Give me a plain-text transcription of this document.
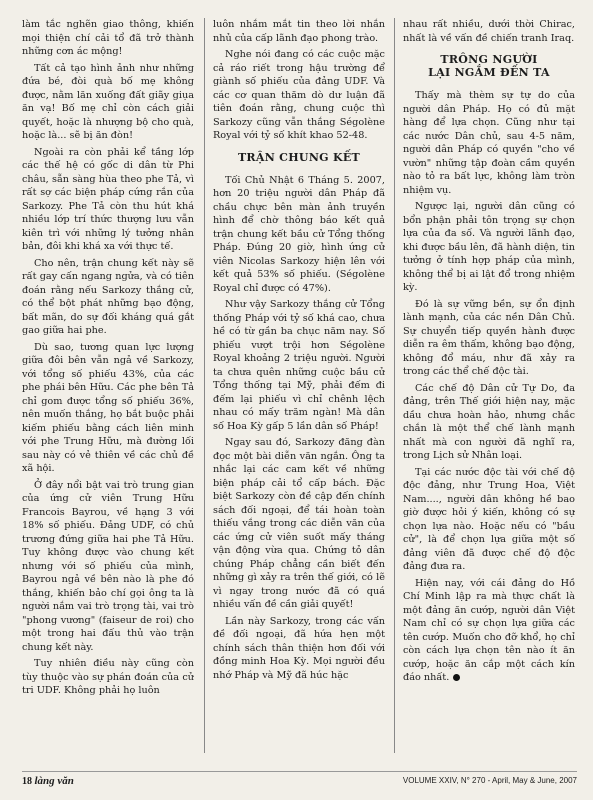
làm tắc nghẽn giao thông, khiến mọi thiện chí cải tổ đã trở thành những cơn ác mộng!

Tất cả tạo hình ảnh như những đứa bé, đòi quà bố mẹ không được, nằm lăn xuống đất giãy giụa ăn vạ! Bố mẹ chỉ còn cách giải quyết, hoặc là nhượng bộ cho quà, hoặc là... sẽ bị ăn đòn!

Ngoài ra còn phải kể tầng lớp các thế hệ có gốc di dân từ Phi châu, sẵn sàng hùa theo phe Tả, vì rất sợ các biện pháp cứng rắn của Sarkozy. Phe Tả còn thu hút khá nhiều lớp trí thức thượng lưu vẫn kiên trì với những lý tưởng nhân bản, đôi khi khá xa với thực tế.

Cho nên, trận chung kết này sẽ rất gay cấn ngang ngửa, và có tiên đoán rằng nếu Sarkozy thắng cử, có thể bột phát những bạo động, bất mãn, do sự đối kháng quá gắt gao giữa hai phe.

Dù sao, tương quan lực lượng giữa đôi bên vẫn ngả về Sarkozy, với tổng số phiếu 43%, của các phe phái bên Hữu. Các phe bên Tả chỉ gom được tổng số phiếu 36%, nên muốn thắng, họ bắt buộc phải kiếm phiếu bằng cách liên minh với phe Trung Hữu, mà đường lối sau này có vẻ thiên về các chủ đề xã hội.

Ở đây nổi bật vai trò trung gian của ứng cử viên Trung Hữu Francois Bayrou, về hạng 3 với 18% số phiếu. Đảng UDF, có chủ trương đứng giữa hai phe Tả Hữu. Tuy không được vào chung kết nhưng với số phiếu của mình, Bayrou ngả về bên nào là phe đó thắng, khiến bảo chí gọi ông ta là người nắm vai trò trọng tài, vai trò "phong vương" (faiseur de roi) cho một trong hai đấu thủ vào trận chung kết này.

Tuy nhiên điều này cũng còn tùy thuộc vào sự phán đoán của cử tri UDF. Không phải họ luôn

luôn nhắm mắt tin theo lời nhắn nhủ của cấp lãnh đạo phong trào.

Nghe nói đang có các cuộc mặc cả ráo riết trong hậu trường để giành số phiếu của đảng UDF. Và các cơ quan thăm dò dư luận đã tiên đoán rằng, chung cuộc thì Sarkozy cũng vẫn thắng Ségolène Royal với tỷ số khít khao 52-48.

TRẬN CHUNG KẾT

Tối Chủ Nhật 6 Tháng 5. 2007, hơn 20 triệu người dân Pháp đã chầu chực bên màn ảnh truyền hình để chờ thông báo kết quả trận chung kết bầu cử Tổng thống Pháp. Đúng 20 giờ, hình ứng cử viên Nicolas Sarkozy hiện lên với kết quả 53% số phiếu. (Ségolène Royal chỉ được có 47%).

Như vậy Sarkozy thắng cử Tổng thống Pháp với tỷ số khá cao, chưa hề có từ gần ba chục năm nay. Số phiếu vượt trội hơn Ségolène Royal khoảng 2 triệu người. Người ta chưa quên những cuộc bầu cử Tổng thống tại Mỹ, phải đếm đi đếm lại phiếu vì chỉ chênh lệch nhau có mấy trăm ngàn! Mà dân số Hoa Kỳ gấp 5 lần dân số Pháp!

Ngay sau đó, Sarkozy đăng đàn đọc một bài diễn văn ngắn. Ông ta nhắc lại các cam kết về những biện pháp cải tổ cấp bách. Đặc biệt Sarkozy còn đề cập đến chính sách đối ngoại, để tái hoàn toàn thiếu vắng trong các diễn văn của các ứng cử viên suốt mấy tháng vận động vừa qua. Chứng tỏ dân chúng Pháp chẳng cần biết đến những gì xảy ra trên thế giới, có lẽ vì ngay trong nước đã có quá nhiều vấn đề cần giải quyết!

Lần này Sarkozy, trong các vấn đề đối ngoại, đã hứa hẹn một chính sách thân thiện hơn đối với đồng minh Hoa Kỳ. Mọi người đều nhớ Pháp và Mỹ đã húc hặc

nhau rất nhiều, dưới thời Chirac, nhất là về vấn đề chiến tranh Iraq.

TRÔNG NGƯỜI
LẠI NGẮM ĐẾN TA

Thấy mà thèm sự tự do của người dân Pháp. Họ có đủ mặt hàng để lựa chọn. Cũng như tại các nước Dân chủ, sau 4-5 năm, người dân Pháp có quyền "cho về vườn" những tập đoàn cầm quyền nào tỏ ra bất lực, không làm tròn nhiệm vụ.

Ngược lại, người dân cũng có bổn phận phải tôn trọng sự chọn lựa của đa số. Và người lãnh đạo, khi được bầu lên, đã hành diện, tin tưởng ở tính hợp pháp của mình, không thể bị ai lật đổ trong nhiệm kỳ.

Đó là sự vững bền, sự ổn định lành mạnh, của các nền Dân Chủ. Sự chuyển tiếp quyền hành được diễn ra êm thấm, không bạo động, không đổ máu, như đã xảy ra trong các thể chế độc tài.

Các chế độ Dân cử Tự Do, đa đảng, trên Thế giới hiện nay, mặc dầu chưa hoàn hảo, nhưng chắc chắn là một thể chế lành mạnh nhất mà con người đã nghĩ ra, trong Lịch sử Nhân loại.

Tại các nước độc tài với chế độ độc đảng, như Trung Hoa, Việt Nam...., người dân không hề bao giờ được hỏi ý kiến, không có sự chọn lựa nào. Hoặc nếu có "bầu cử", là để chọn lựa giữa một số đảng viên đã được chế độ độc đảng đưa ra.

Hiện nay, với cái đảng do Hồ Chí Minh lập ra mà thực chất là một đảng ăn cướp, người dân Việt Nam chỉ có sự chọn lựa giữa các tên cướp. Muốn cho đỡ khổ, họ chỉ còn cách lựa chọn tên nào ít ăn cướp, hoặc ăn cắp một cách kín đáo nhất.

18 làng văn	VOLUME XXIV, N° 270 - April, May & June, 2007
